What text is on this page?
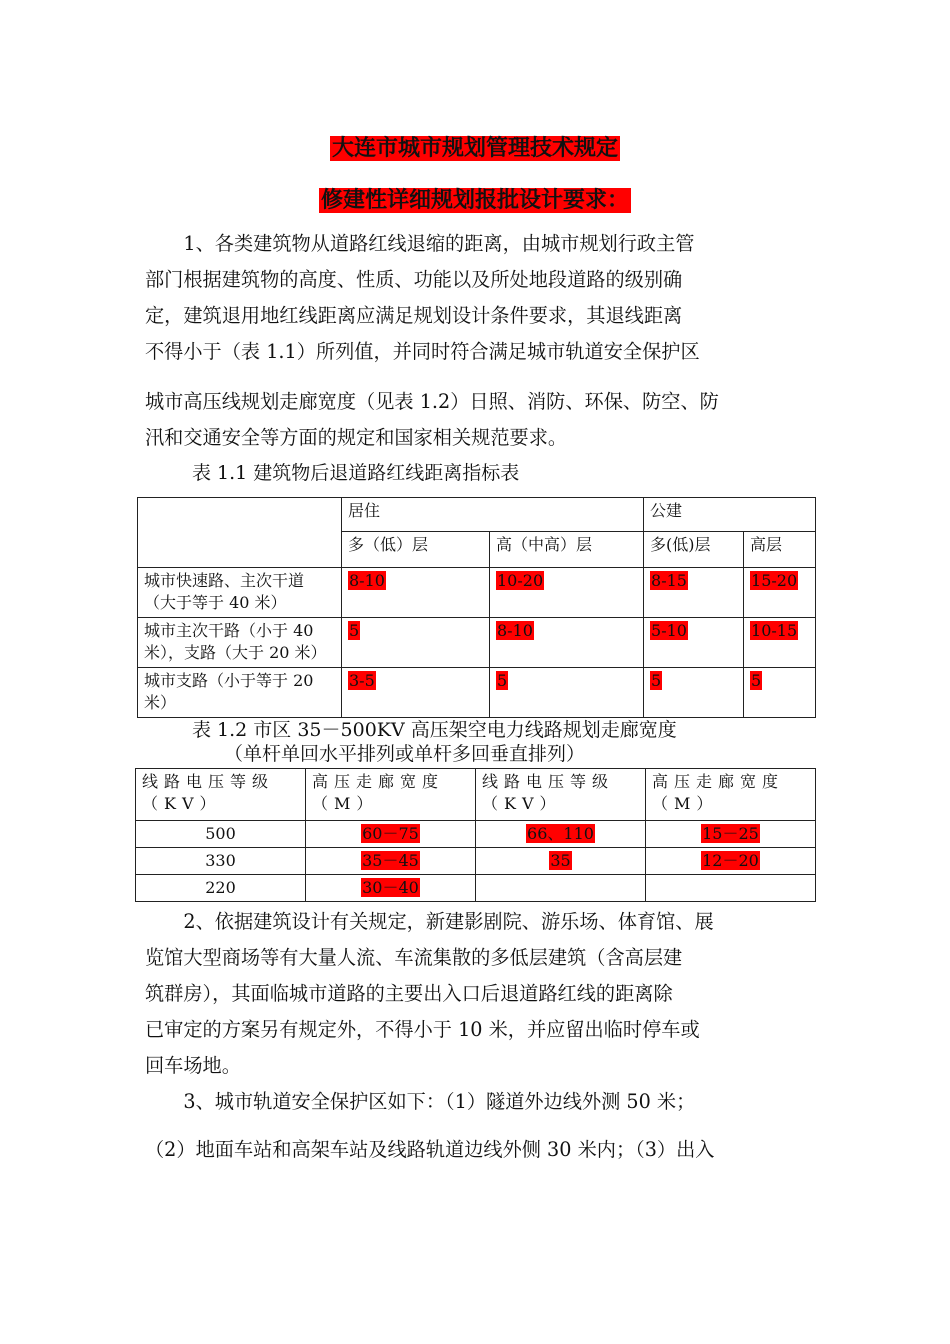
大连市城市规划管理技术规定
修建性详细规划报批设计要求：
　　1、各类建筑物从道路红线退缩的距离，由城市规划行政主管
部门根据建筑物的高度、性质、功能以及所处地段道路的级别确
定，建筑退用地红线距离应满足规划设计条件要求，其退线距离
不得小于（表 1.1）所列值，并同时符合满足城市轨道安全保护区
城市高压线规划走廊宽度（见表 1.2）日照、消防、环保、防空、防
汛和交通安全等方面的规定和国家相关规范要求。
表 1.1 建筑物后退道路红线距离指标表
	居住		公建	
	多（低）层	高（中高）层	多(低)层	高层
城市快速路、主次干道（大于等于 40 米）	8-10	10-20	8-15	15-20
城市主次干路（小于 40 米），支路（大于 20 米）	5	8-10	5-10	10-15
城市支路（小于等于 20 米）	3-5	5	5	5
表 1.2 市区 35－500KV 高压架空电力线路规划走廊宽度
（单杆单回水平排列或单杆多回垂直排列）
线路电压等级（KV）	高压走廊宽度（M）	线路电压等级（KV）	高压走廊宽度（M）
500	60－75	66、110	15－25
330	35－45	35	12－20
220	30－40		
　　2、依据建筑设计有关规定，新建影剧院、游乐场、体育馆、展
览馆大型商场等有大量人流、车流集散的多低层建筑（含高层建
筑群房），其面临城市道路的主要出入口后退道路红线的距离除
已审定的方案另有规定外，不得小于 10 米，并应留出临时停车或
回车场地。
　　3、城市轨道安全保护区如下：（1）隧道外边线外测 50 米；
（2）地面车站和高架车站及线路轨道边线外侧 30 米内；（3）出入
